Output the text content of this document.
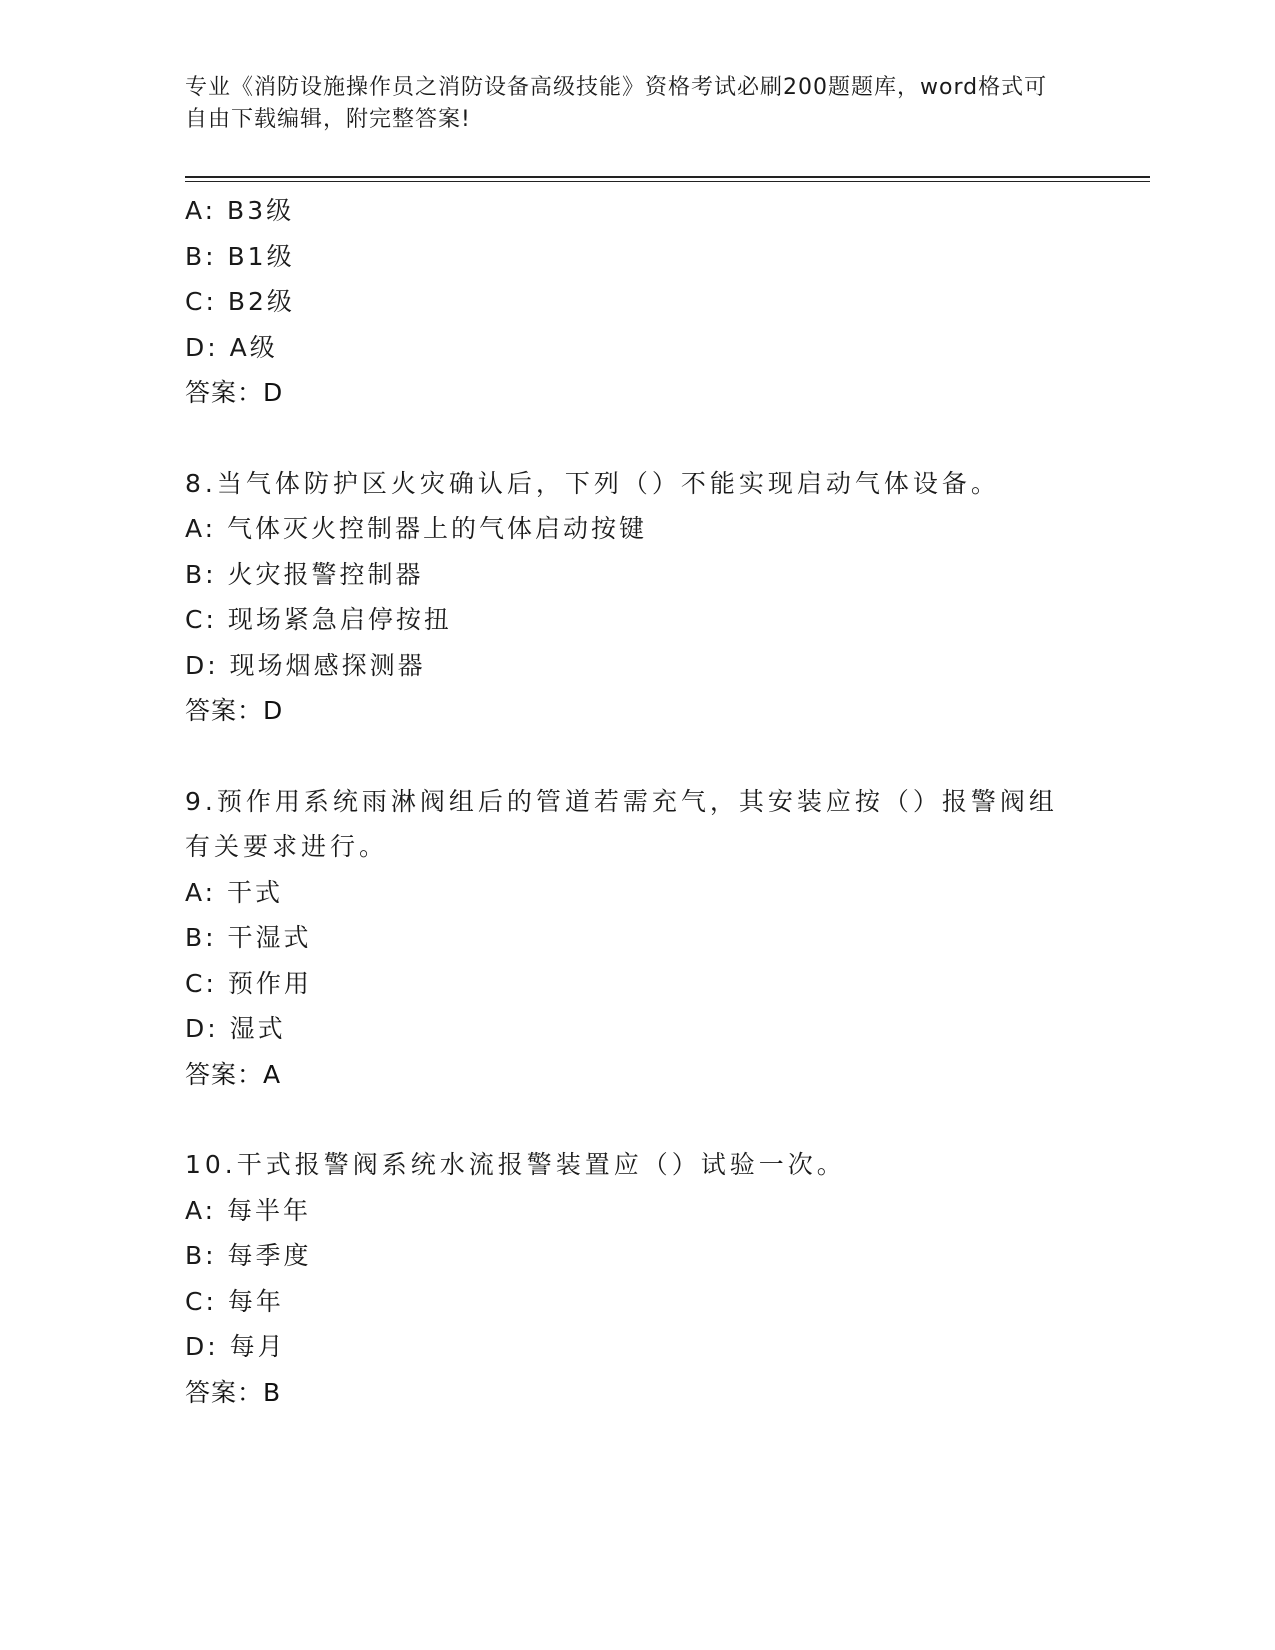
专业《消防设施操作员之消防设备高级技能》资格考试必刷200题题库，word格式可自由下载编辑，附完整答案!
A: B3级
B: B1级
C: B2级
D: A级
答案：D
8.当气体防护区火灾确认后，下列（）不能实现启动气体设备。
A: 气体灭火控制器上的气体启动按键
B: 火灾报警控制器
C: 现场紧急启停按扭
D: 现场烟感探测器
答案：D
9.预作用系统雨淋阀组后的管道若需充气，其安装应按（）报警阀组有关要求进行。
A: 干式
B: 干湿式
C: 预作用
D: 湿式
答案：A
10.干式报警阀系统水流报警装置应（）试验一次。
A: 每半年
B: 每季度
C: 每年
D: 每月
答案：B
